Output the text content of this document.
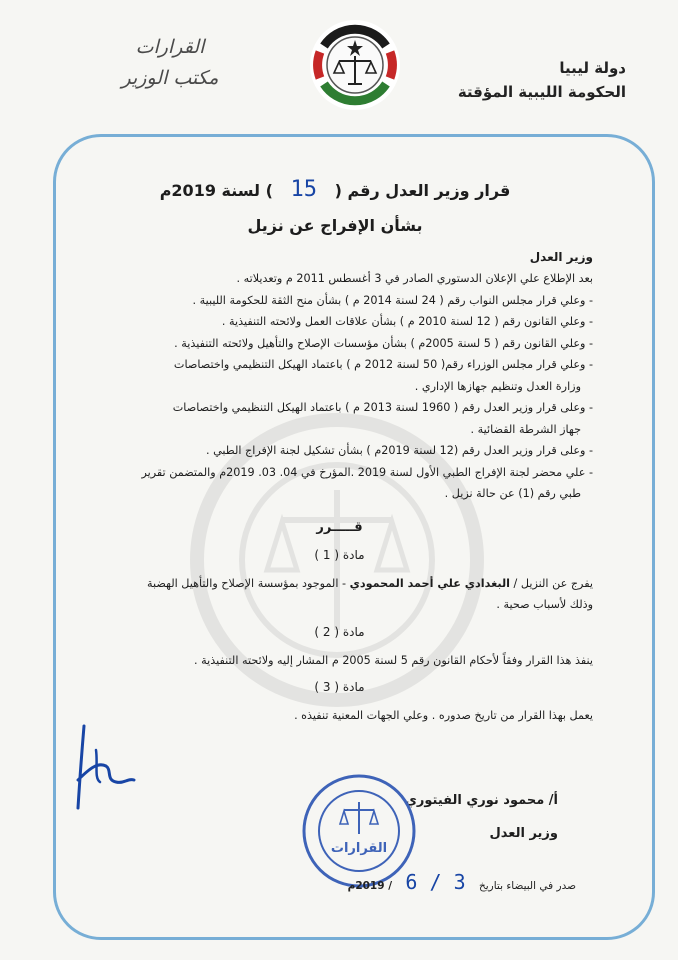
القرارات
مكتب الوزير	دولة ليبيا
الحكومة الليبية المؤقتة
قرار وزير العدل رقم ( 15 ) لسنة 2019م
بشأن الإفراج عن نزيل
وزير العدل

بعد الإطلاع علي الإعلان الدستوري الصادر في 3 أغسطس 2011 م وتعديلاته .

- وعلي قرار مجلس النواب رقم ( 24 لسنة 2014 م ) بشأن منح الثقة للحكومة الليبية .

- وعلي القانون رقم ( 12 لسنة 2010 م ) بشأن علاقات العمل ولائحته التنفيذية .

- وعلي القانون رقم ( 5 لسنة 2005م ) بشأن مؤسسات الإصلاح والتأهيل ولائحته التنفيذية .

- وعلي قرار مجلس الوزراء رقم( 50 لسنة 2012 م ) باعتماد الهيكل التنظيمي واختصاصات

وزارة العدل وتنظيم جهازها الإداري .

- وعلى قرار وزير العدل رقم ( 1960 لسنة 2013 م ) باعتماد الهيكل التنظيمي واختصاصات

جهاز الشرطة القضائية .

- وعلى قرار وزير العدل رقم (12 لسنة 2019م ) بشأن تشكيل لجنة الإفراج الطبي .

- علي محضر لجنة الإفراج الطبي الأول لسنة 2019 .المؤرخ في 04. 03. 2019م والمتضمن تقرير

طبي رقم (1) عن حالة نزيل .

قـــــرر
مادة ( 1 )

يفرج عن النزيل / البغدادي علي أحمد المحمودي - الموجود بمؤسسة الإصلاح والتأهيل الهضبة

وذلك لأسباب صحية .

مادة ( 2 )

ينفذ هذا القرار وفقاً لأحكام القانون رقم 5 لسنة 2005 م المشار إليه ولائحته التنفيذية .

مادة ( 3 )

يعمل بهذا القرار من تاريخ صدوره . وعلي الجهات المعنية تنفيذه .

أ/ محمود نوري الفيتوري
وزير العدل
القرارات
صدر في البيضاء بتاريخ 3 / 6 / 2019م
